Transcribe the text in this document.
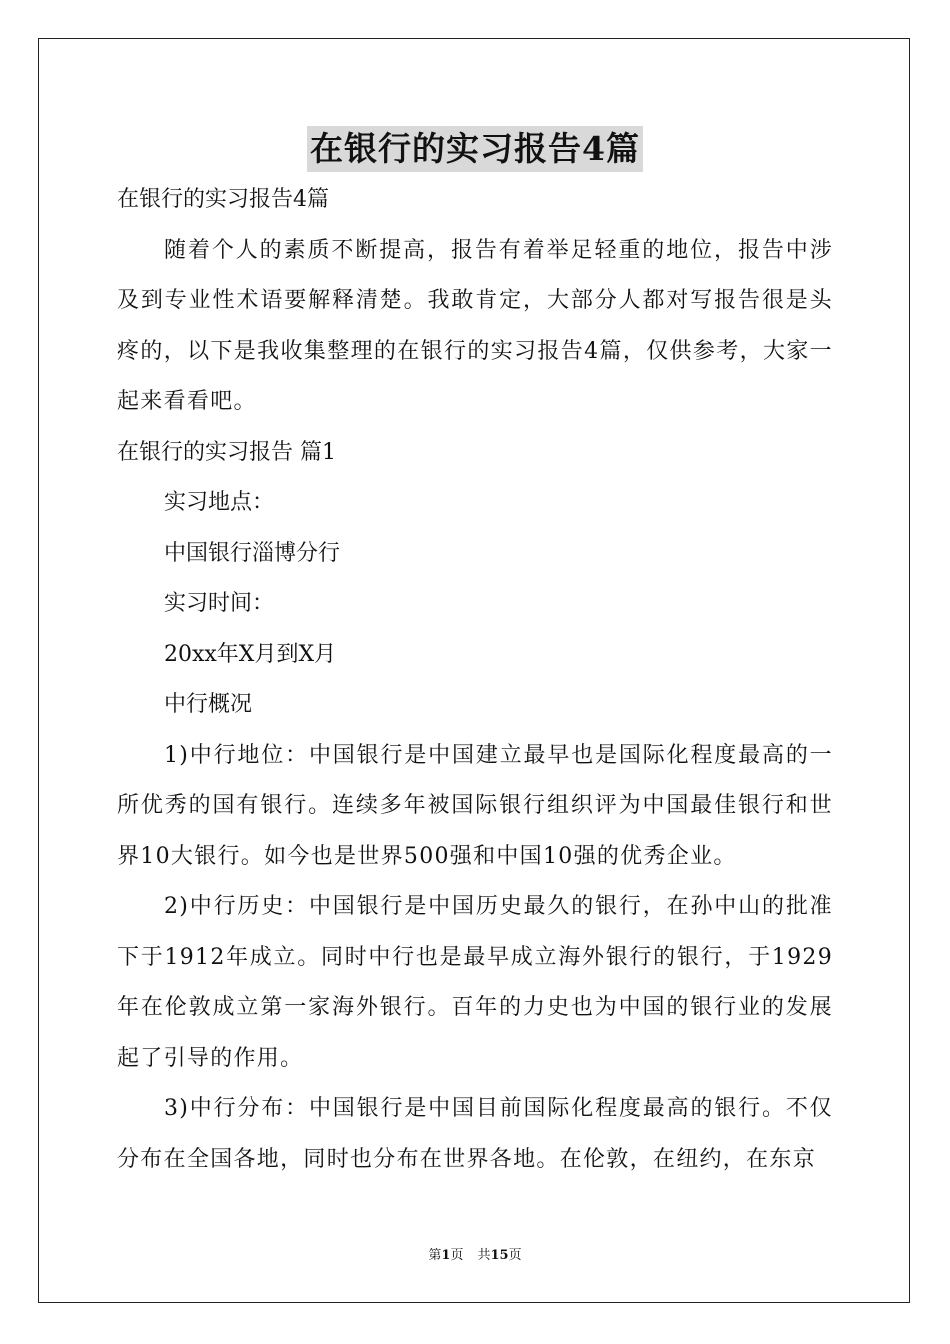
在银行的实习报告4篇

在银行的实习报告4篇

随着个人的素质不断提高，报告有着举足轻重的地位，报告中涉及到专业性术语要解释清楚。我敢肯定，大部分人都对写报告很是头疼的，以下是我收集整理的在银行的实习报告4篇，仅供参考，大家一起来看看吧。

在银行的实习报告 篇1

实习地点：

中国银行淄博分行

实习时间：

20xx年X月到X月

中行概况

1)中行地位：中国银行是中国建立最早也是国际化程度最高的一所优秀的国有银行。连续多年被国际银行组织评为中国最佳银行和世界10大银行。如今也是世界500强和中国10强的优秀企业。

2)中行历史：中国银行是中国历史最久的银行，在孙中山的批准下于1912年成立。同时中行也是最早成立海外银行的银行，于1929年在伦敦成立第一家海外银行。百年的力史也为中国的银行业的发展起了引导的作用。

3)中行分布：中国银行是中国目前国际化程度最高的银行。不仅分布在全国各地，同时也分布在世界各地。在伦敦，在纽约，在东京

第1页 共15页
